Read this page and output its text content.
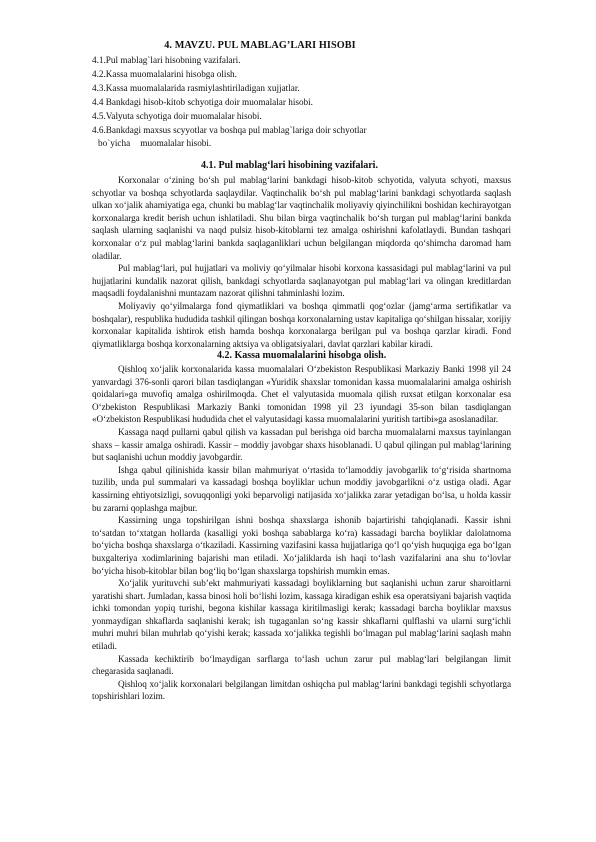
4. MAVZU. PUL MABLAG’LARI HISOBI
4.1.Pul mablag`lari hisobning vazifalari.
4.2.Kassa muomalalarini hisobga olish.
4.3.Kassa muomalalarida rasmiylashtiriladigan xujjatlar.
4.4 Bankdagi hisob-kitob schyotiga doir muomalalar hisobi.
4.5.Valyuta schyotiga doir muomalalar hisobi.
4.6.Bankdagi maxsus scyyotlar va boshqa pul mablag`lariga doir schyotlar
bo`yicha muomalalar hisobi.
4.1. Pul mablag‘lari hisobining vazifalari.

Korxonalar o‘zining bo‘sh pul mablag‘larini bankdagi hisob-kitob schyotida, valyuta schyoti, maxsus schyotlar va boshqa schyotlarda saqlaydilar. Vaqtinchalik bo‘sh pul mablag‘larini bankdagi schyotlarda saqlash ulkan xo‘jalik ahamiyatiga ega, chunki bu mablag‘lar vaqtinchalik moliyaviy qiyinchilikni boshidan kechirayotgan korxonalarga kredit berish uchun ishlatiladi. Shu bilan birga vaqtinchalik bo‘sh turgan pul mablag‘larini bankda saqlash ularning saqlanishi va naqd pulsiz hisob-kitoblarni tez amalga oshirishni kafolatlaydi. Bundan tashqari korxonalar o‘z pul mablag‘larini bankda saqlaganliklari uchun belgilangan miqdorda qo‘shimcha daromad ham oladilar.

Pul mablag‘lari, pul hujjatlari va moliviy qo‘yilmalar hisobi korxona kassasidagi pul mablag‘larini va pul hujjatlarini kundalik nazorat qilish, bankdagi schyotlarda saqlanayotgan pul mablag‘lari va olingan kreditlardan maqsadli foydalanishni muntazam nazorat qilishni tahminlashi lozim.

Moliyaviy qo‘yilmalarga fond qiymatliklari va boshqa qimmatli qog‘ozlar (jamg‘arma sertifikatlar va boshqalar), respublika hududida tashkil qilingan boshqa korxonalarning ustav kapitaliga qo‘shilgan hissalar, xorijiy korxonalar kapitalida ishtirok etish hamda boshqa korxonalarga berilgan pul va boshqa qarzlar kiradi. Fond qiymatliklarga boshqa korxonalarning aktsiya va obligatsiyalari, davlat qarzlari kabilar kiradi.

4.2. Kassa muomalalarini hisobga olish.

Qishloq xo‘jalik korxonalarida kassa muomalalari O‘zbekiston Respublikasi Markaziy Banki 1998 yil 24 yanvardagi 376-sonli qarori bilan tasdiqlangan «Yuridik shaxslar tomonidan kassa muomalalarini amalga oshirish qoidalari»ga muvofiq amalga oshirilmoqda. Chet el valyutasida muomala qilish ruxsat etilgan korxonalar esa O‘zbekiston Respublikasi Markaziy Banki tomonidan 1998 yil 23 iyundagi 35-son bilan tasdiqlangan «O‘zbekiston Respublikasi hududida chet el valyutasidagi kassa muomalalarini yuritish tartibi»ga asoslanadilar.

Kassaga naqd pullarni qabul qilish va kassadan pul berishga oid barcha muomalalarni maxsus tayinlangan shaxs – kassir amalga oshiradi. Kassir – moddiy javobgar shaxs hisoblanadi. U qabul qilingan pul mablag‘larining but saqlanishi uchun moddiy javobgardir.

Ishga qabul qilinishida kassir bilan mahmuriyat o‘rtasida to‘lamoddiy javobgarlik to‘g‘risida shartnoma tuzilib, unda pul summalari va kassadagi boshqa boyliklar uchun moddiy javobgarlikni o‘z ustiga oladi. Agar kassirning ehtiyotsizligi, sovuqqonligi yoki beparvoligi natijasida xo‘jalikka zarar yetadigan bo‘lsa, u holda kassir bu zararni qoplashga majbur.

Kassirning unga topshirilgan ishni boshqa shaxslarga ishonib bajartirishi tahqiqlanadi. Kassir ishni to‘satdan to‘xtatgan hollarda (kasalligi yoki boshqa sabablarga ko‘ra) kassadagi barcha boyliklar dalolatnoma bo‘yicha boshqa shaxslarga o‘tkaziladi. Kassirning vazifasini kassa hujjatlariga qo‘l qo‘yish huquqiga ega bo‘lgan buxgalteriya xodimlarining bajarishi man etiladi. Xo‘jaliklarda ish haqi to‘lash vazifalarini ana shu to‘lovlar bo‘yicha hisob-kitoblar bilan bog‘liq bo‘lgan shaxslarga topshirish mumkin emas.

Xo‘jalik yurituvchi sub’ekt mahmuriyati kassadagi boyliklarning but saqlanishi uchun zarur sharoitlarni yaratishi shart. Jumladan, kassa binosi holi bo‘lishi lozim, kassaga kiradigan eshik esa operatsiyani bajarish vaqtida ichki tomondan yopiq turishi, begona kishilar kassaga kiritilmasligi kerak; kassadagi barcha boyliklar maxsus yonmaydigan shkaflarda saqlanishi kerak; ish tugaganlan so‘ng kassir shkaflarni qulflashi va ularni surg‘ichli muhri muhri bilan muhrlab qo‘yishi kerak; kassada xo‘jalikka tegishli bo‘lmagan pul mablag‘larini saqlash mahn etiladi.

Kassada kechiktirib bo‘lmaydigan sarflarga to‘lash uchun zarur pul mablag‘lari belgilangan limit chegarasida saqlanadi.

Qishloq xo‘jalik korxonalari belgilangan limitdan oshiqcha pul mablag‘larini bankdagi tegishli schyotlarga topshirishlari lozim.
